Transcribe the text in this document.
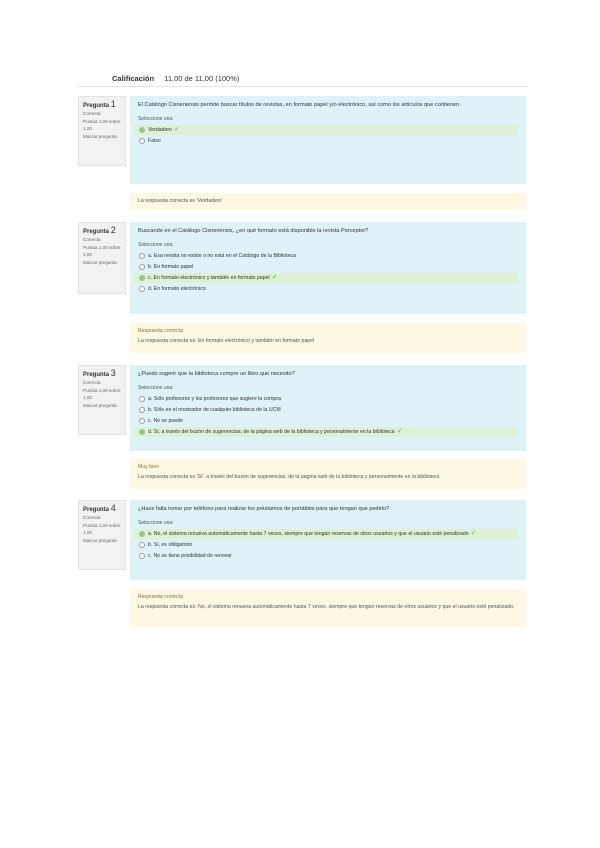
Calificación 11,00 de 11,00 (100%)
Pregunta 1
Correcta
Puntúa 1,00 sobre 1,00
Marcar pregunta
El Catálogo Cisneriensis permite buscar títulos de revistas, en formato papel y/o electrónico, así como los artículos que contienen.
Seleccione una:
Verdadero ✓
Falso
La respuesta correcta es 'Verdadero'
Pregunta 2
Correcta
Puntúa 1,00 sobre 1,00
Marcar pregunta
Buscando en el Catálogo Cisneriensis, ¿en qué formato está disponible la revista Perceptor?
Seleccione una:
a. Esa revista no existe o no está en el Catálogo de la Biblioteca
b. En formato papel
c. En formato electrónico y también en formato papel ✓
d. En formato electrónico
Respuesta correcta
La respuesta correcta es: En formato electrónico y también en formato papel
Pregunta 3
Correcta
Puntúa 1,00 sobre 1,00
Marcar pregunta
¿Puedo sugerir que la biblioteca compre un libro que necesito?
Seleccione una:
a. Sólo profesores y los profesores que sugiere la compra
b. Sólo en el mostrador de cualquier biblioteca de la UCM
c. No se puede
d. Sí, a través del buzón de sugerencias, de la página web de la biblioteca y personalmente en la biblioteca ✓
Muy bien
La respuesta correcta es 'Sí', a través del buzón de sugerencias, de la página web de la biblioteca y personalmente en la biblioteca.
Pregunta 4
Correcta
Puntúa 1,00 sobre 1,00
Marcar pregunta
¿Hace falta tomar por teléfono para realizar los préstamos de portátiles para que tengan que pedirlo?
Seleccione una:
a. No, el sistema renueva automáticamente hasta 7 veces, siempre que tengan reservas de otros usuarios y que el usuario esté penalizado ✓
b. Sí, es obligatorio
c. No se tiene posibilidad de renovar
Respuesta correcta
La respuesta correcta es: No, el sistema renueva automáticamente hasta 7 veces, siempre que tengan reservas de otros usuarios y que el usuario esté penalizado.
